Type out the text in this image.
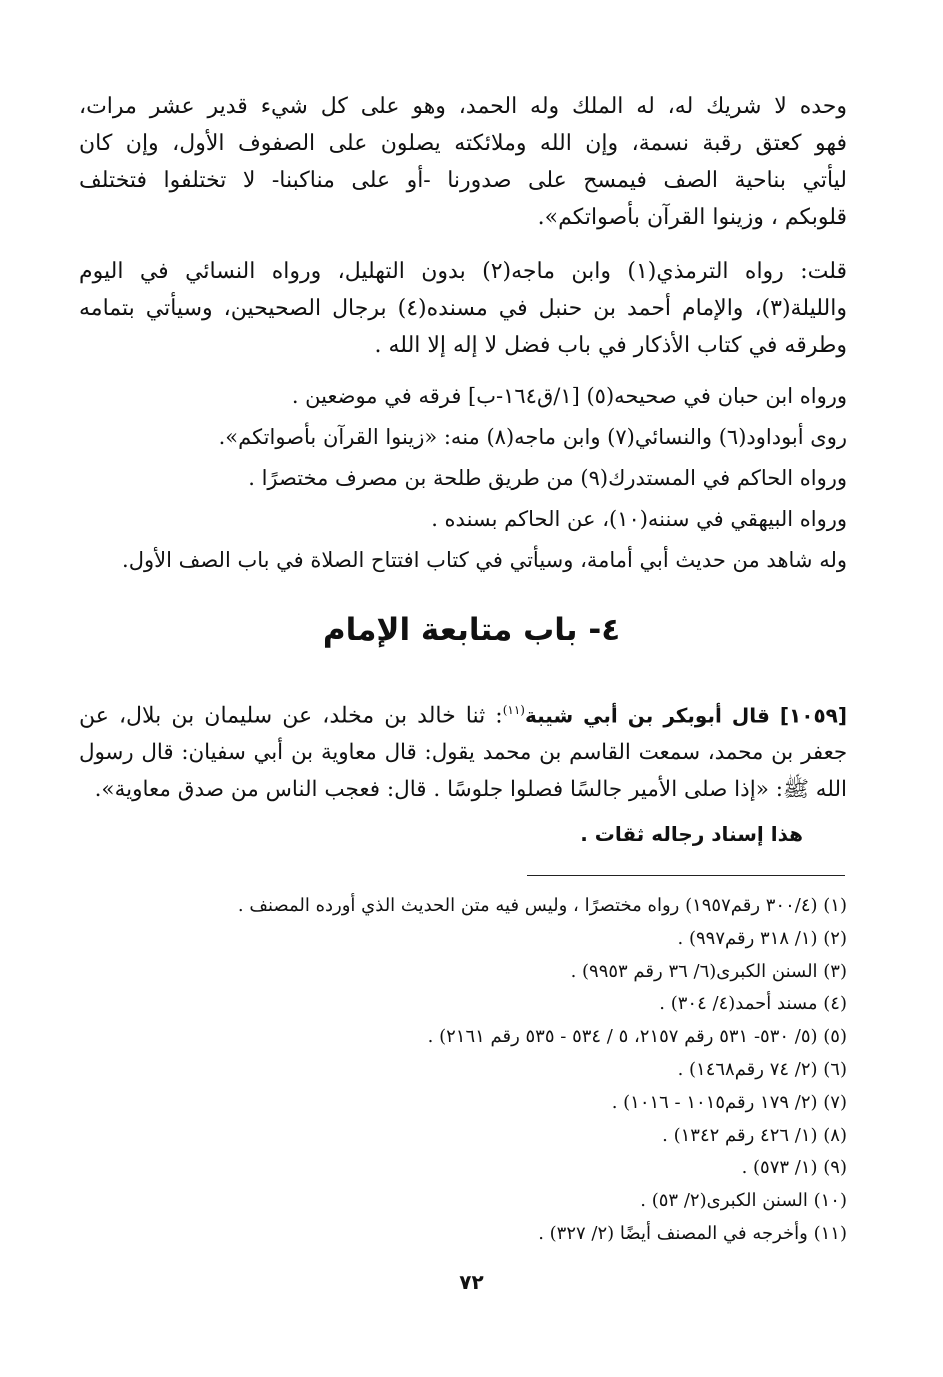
وحده لا شريك له، له الملك وله الحمد، وهو على كل شيء قدير عشر مرات،
فهو كعتق رقبة نسمة، وإن الله وملائكته يصلون على الصفوف الأول، وإن كان
ليأتي بناحية الصف فيمسح على صدورنا -أو على مناكبنا- لا تختلفوا فتختلف
قلوبكم ، وزينوا القرآن بأصواتكم».
قلت: رواه الترمذي(١) وابن ماجه(٢) بدون التهليل، ورواه النسائي في اليوم
والليلة(٣)، والإمام أحمد بن حنبل في مسنده(٤) برجال الصحيحين، وسيأتي بتمامه
وطرقه في كتاب الأذكار في باب فضل لا إله إلا الله .
ورواه ابن حبان في صحيحه(٥) [١/ق١٦٤-ب] فرقه في موضعين .
روى أبوداود(٦) والنسائي(٧) وابن ماجه(٨) منه: «زينوا القرآن بأصواتكم».
ورواه الحاكم في المستدرك(٩) من طريق طلحة بن مصرف مختصرًا .
ورواه البيهقي في سننه(١٠)، عن الحاكم بسنده .
وله شاهد من حديث أبي أمامة، وسيأتي في كتاب افتتاح الصلاة في باب الصف الأول.
٤- باب متابعة الإمام
[١٠٥٩] قال أبوبكر بن أبي شيبة$^{(١١)}$: ثنا خالد بن مخلد، عن سليمان بن بلال، عن
جعفر بن محمد، سمعت القاسم بن محمد يقول: قال معاوية بن أبي سفيان: قال رسول
الله ﷺ: «إذا صلى الأمير جالسًا فصلوا جلوسًا . قال: فعجب الناس من صدق معاوية».
هذا إسناد رجاله ثقات .
(١) (٣٠٠/٤ رقم١٩٥٧) رواه مختصرًا ، وليس فيه متن الحديث الذي أورده المصنف .
(٢) (١/ ٣١٨ رقم٩٩٧) .
(٣) السنن الكبرى(٦/ ٣٦ رقم ٩٩٥٣) .
(٤) مسند أحمد(٤/ ٣٠٤) .
(٥) (٥/ ٥٣٠- ٥٣١ رقم ٢١٥٧، ٥ / ٥٣٤ - ٥٣٥ رقم ٢١٦١) .
(٦) (٢/ ٧٤ رقم١٤٦٨) .
(٧) (٢/ ١٧٩ رقم١٠١٥ - ١٠١٦) .
(٨) (١/ ٤٢٦ رقم ١٣٤٢) .
(٩) (١/ ٥٧٣) .
(١٠) السنن الكبرى(٢/ ٥٣) .
(١١) وأخرجه في المصنف أيضًا (٢/ ٣٢٧) .
٧٢
